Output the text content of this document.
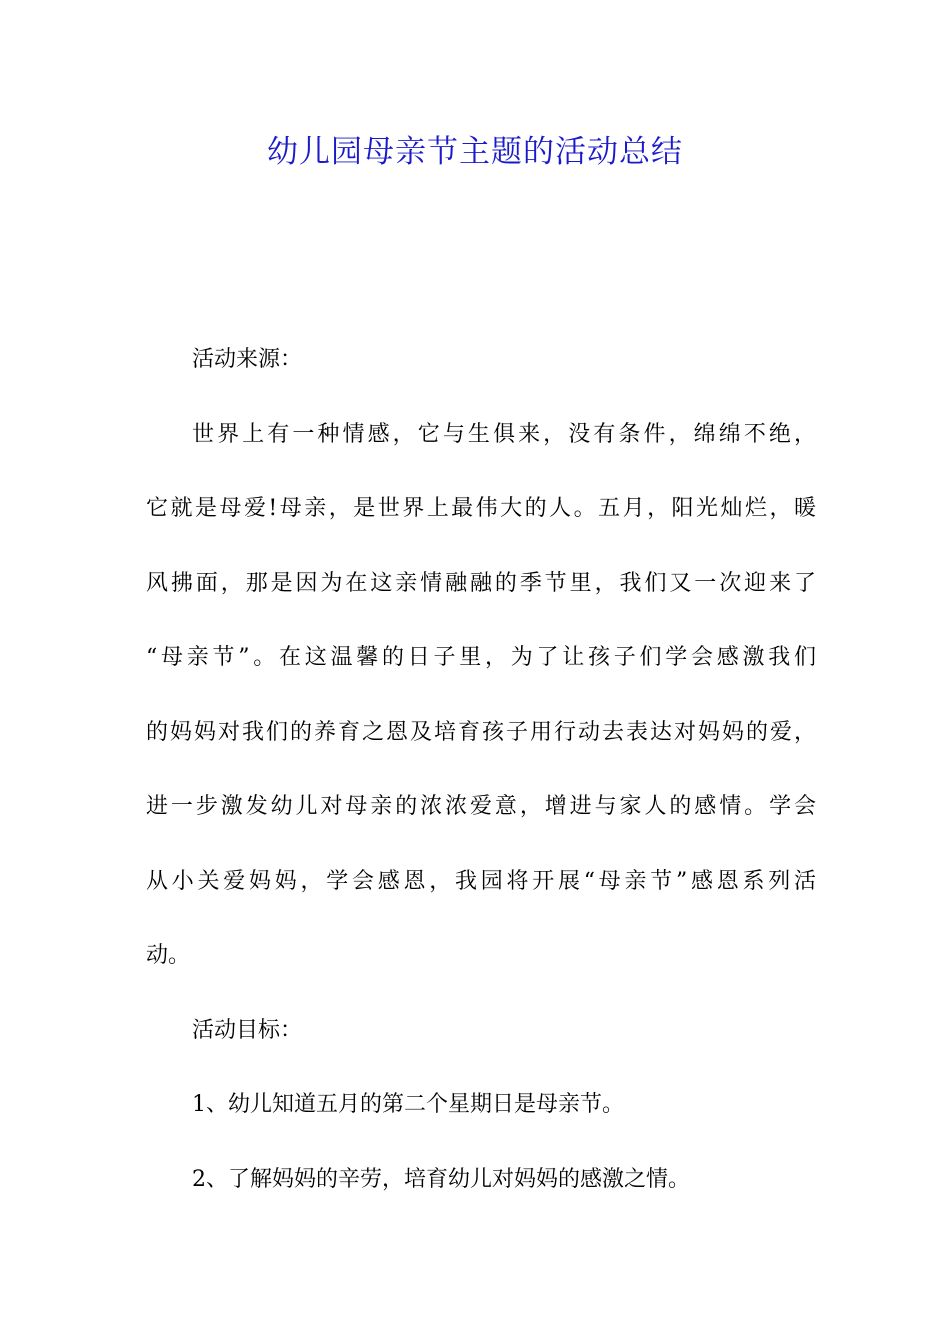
幼儿园母亲节主题的活动总结
活动来源：
世界上有一种情感，它与生俱来，没有条件，绵绵不绝，
它就是母爱!母亲，是世界上最伟大的人。五月，阳光灿烂，暖
风拂面，那是因为在这亲情融融的季节里，我们又一次迎来了
“母亲节”。在这温馨的日子里，为了让孩子们学会感激我们
的妈妈对我们的养育之恩及培育孩子用行动去表达对妈妈的爱，
进一步激发幼儿对母亲的浓浓爱意，增进与家人的感情。学会
从小关爱妈妈，学会感恩，我园将开展“母亲节”感恩系列活
动。
活动目标：
1、幼儿知道五月的第二个星期日是母亲节。
2、了解妈妈的辛劳，培育幼儿对妈妈的感激之情。
